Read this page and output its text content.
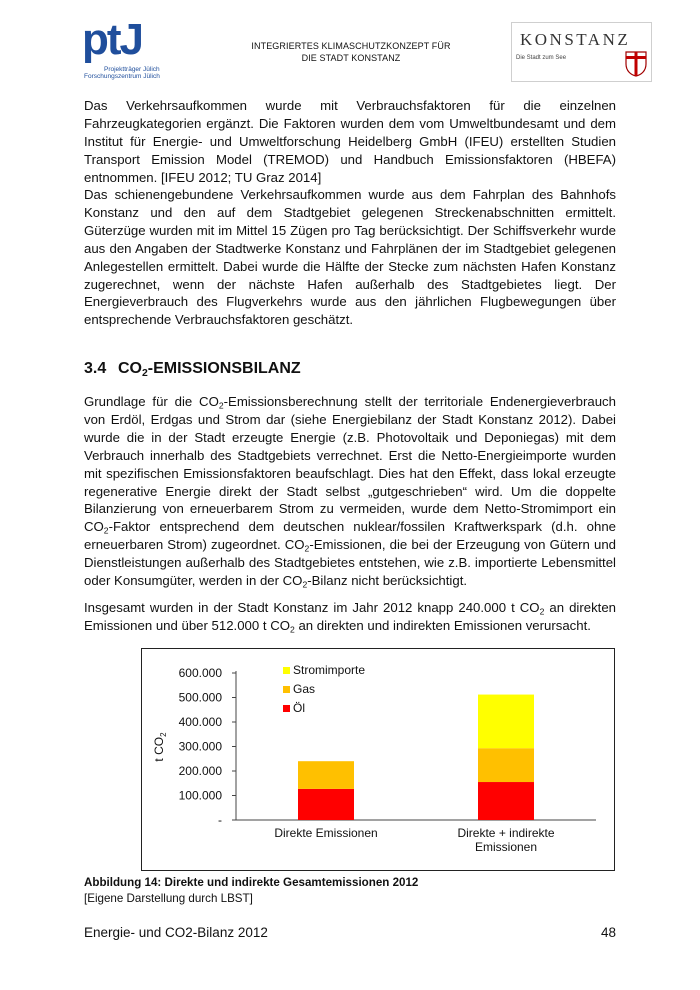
ptJ
Projektträger Jülich
Forschungszentrum Jülich
INTEGRIERTES KLIMASCHUTZKONZEPT FÜR
DIE STADT KONSTANZ
KONSTANZ
Die Stadt zum See

Das Verkehrsaufkommen wurde mit Verbrauchsfaktoren für die einzelnen Fahrzeugkategorien ergänzt. Die Faktoren wurden dem vom Umweltbundesamt und dem Institut für Energie- und Umweltforschung Heidelberg GmbH (IFEU) erstellten Studien Transport Emission Model (TREMOD) und Handbuch Emissionsfaktoren (HBEFA) entnommen. [IFEU 2012; TU Graz 2014]

Das schienengebundene Verkehrsaufkommen wurde aus dem Fahrplan des Bahnhofs Konstanz und den auf dem Stadtgebiet gelegenen Streckenabschnitten ermittelt. Güterzüge wurden mit im Mittel 15 Zügen pro Tag berücksichtigt. Der Schiffsverkehr wurde aus den Angaben der Stadtwerke Konstanz und Fahrplänen der im Stadtgebiet gelegenen Anlegestellen ermittelt. Dabei wurde die Hälfte der Stecke zum nächsten Hafen Konstanz zugerechnet, wenn der nächste Hafen außerhalb des Stadtgebietes liegt. Der Energieverbrauch des Flugverkehrs wurde aus den jährlichen Flugbewegungen über entsprechende Verbrauchsfaktoren geschätzt.

3.4 $CO_2$-EMISSIONSBILANZ

Grundlage für die $CO_2$-Emissionsberechnung stellt der territoriale Endenergieverbrauch von Erdöl, Erdgas und Strom dar (siehe Energiebilanz der Stadt Konstanz 2012). Dabei wurde die in der Stadt erzeugte Energie (z.B. Photovoltaik und Deponiegas) mit dem Verbrauch innerhalb des Stadtgebiets verrechnet. Erst die Netto-Energieimporte wurden mit spezifischen Emissionsfaktoren beaufschlagt. Dies hat den Effekt, dass lokal erzeugte regenerative Energie direkt der Stadt selbst „gutgeschrieben“ wird. Um die doppelte Bilanzierung von erneuerbarem Strom zu vermeiden, wurde dem Netto-Stromimport ein $CO_2$-Faktor entsprechend dem deutschen nuklear/fossilen Kraftwerkspark (d.h. ohne erneuerbaren Strom) zugeordnet. $CO_2$-Emissionen, die bei der Erzeugung von Gütern und Dienstleistungen außerhalb des Stadtgebietes entstehen, wie z.B. importierte Lebensmittel oder Konsumgüter, werden in der $CO_2$-Bilanz nicht berücksichtigt.

Insgesamt wurden in der Stadt Konstanz im Jahr 2012 knapp 240.000 t $CO_2$ an direkten Emissionen und über 512.000 t $CO_2$ an direkten und indirekten Emissionen verursacht.

-
100.000
200.000
300.000
400.000
500.000
600.000
t $CO_2$
Direkte Emissionen	Direkte + indirekte
Emissionen
Stromimporte
Gas
Öl
Abbildung 14: Direkte und indirekte Gesamtemissionen 2012
[Eigene Darstellung durch LBST]
Energie- und CO2-Bilanz 2012	48
